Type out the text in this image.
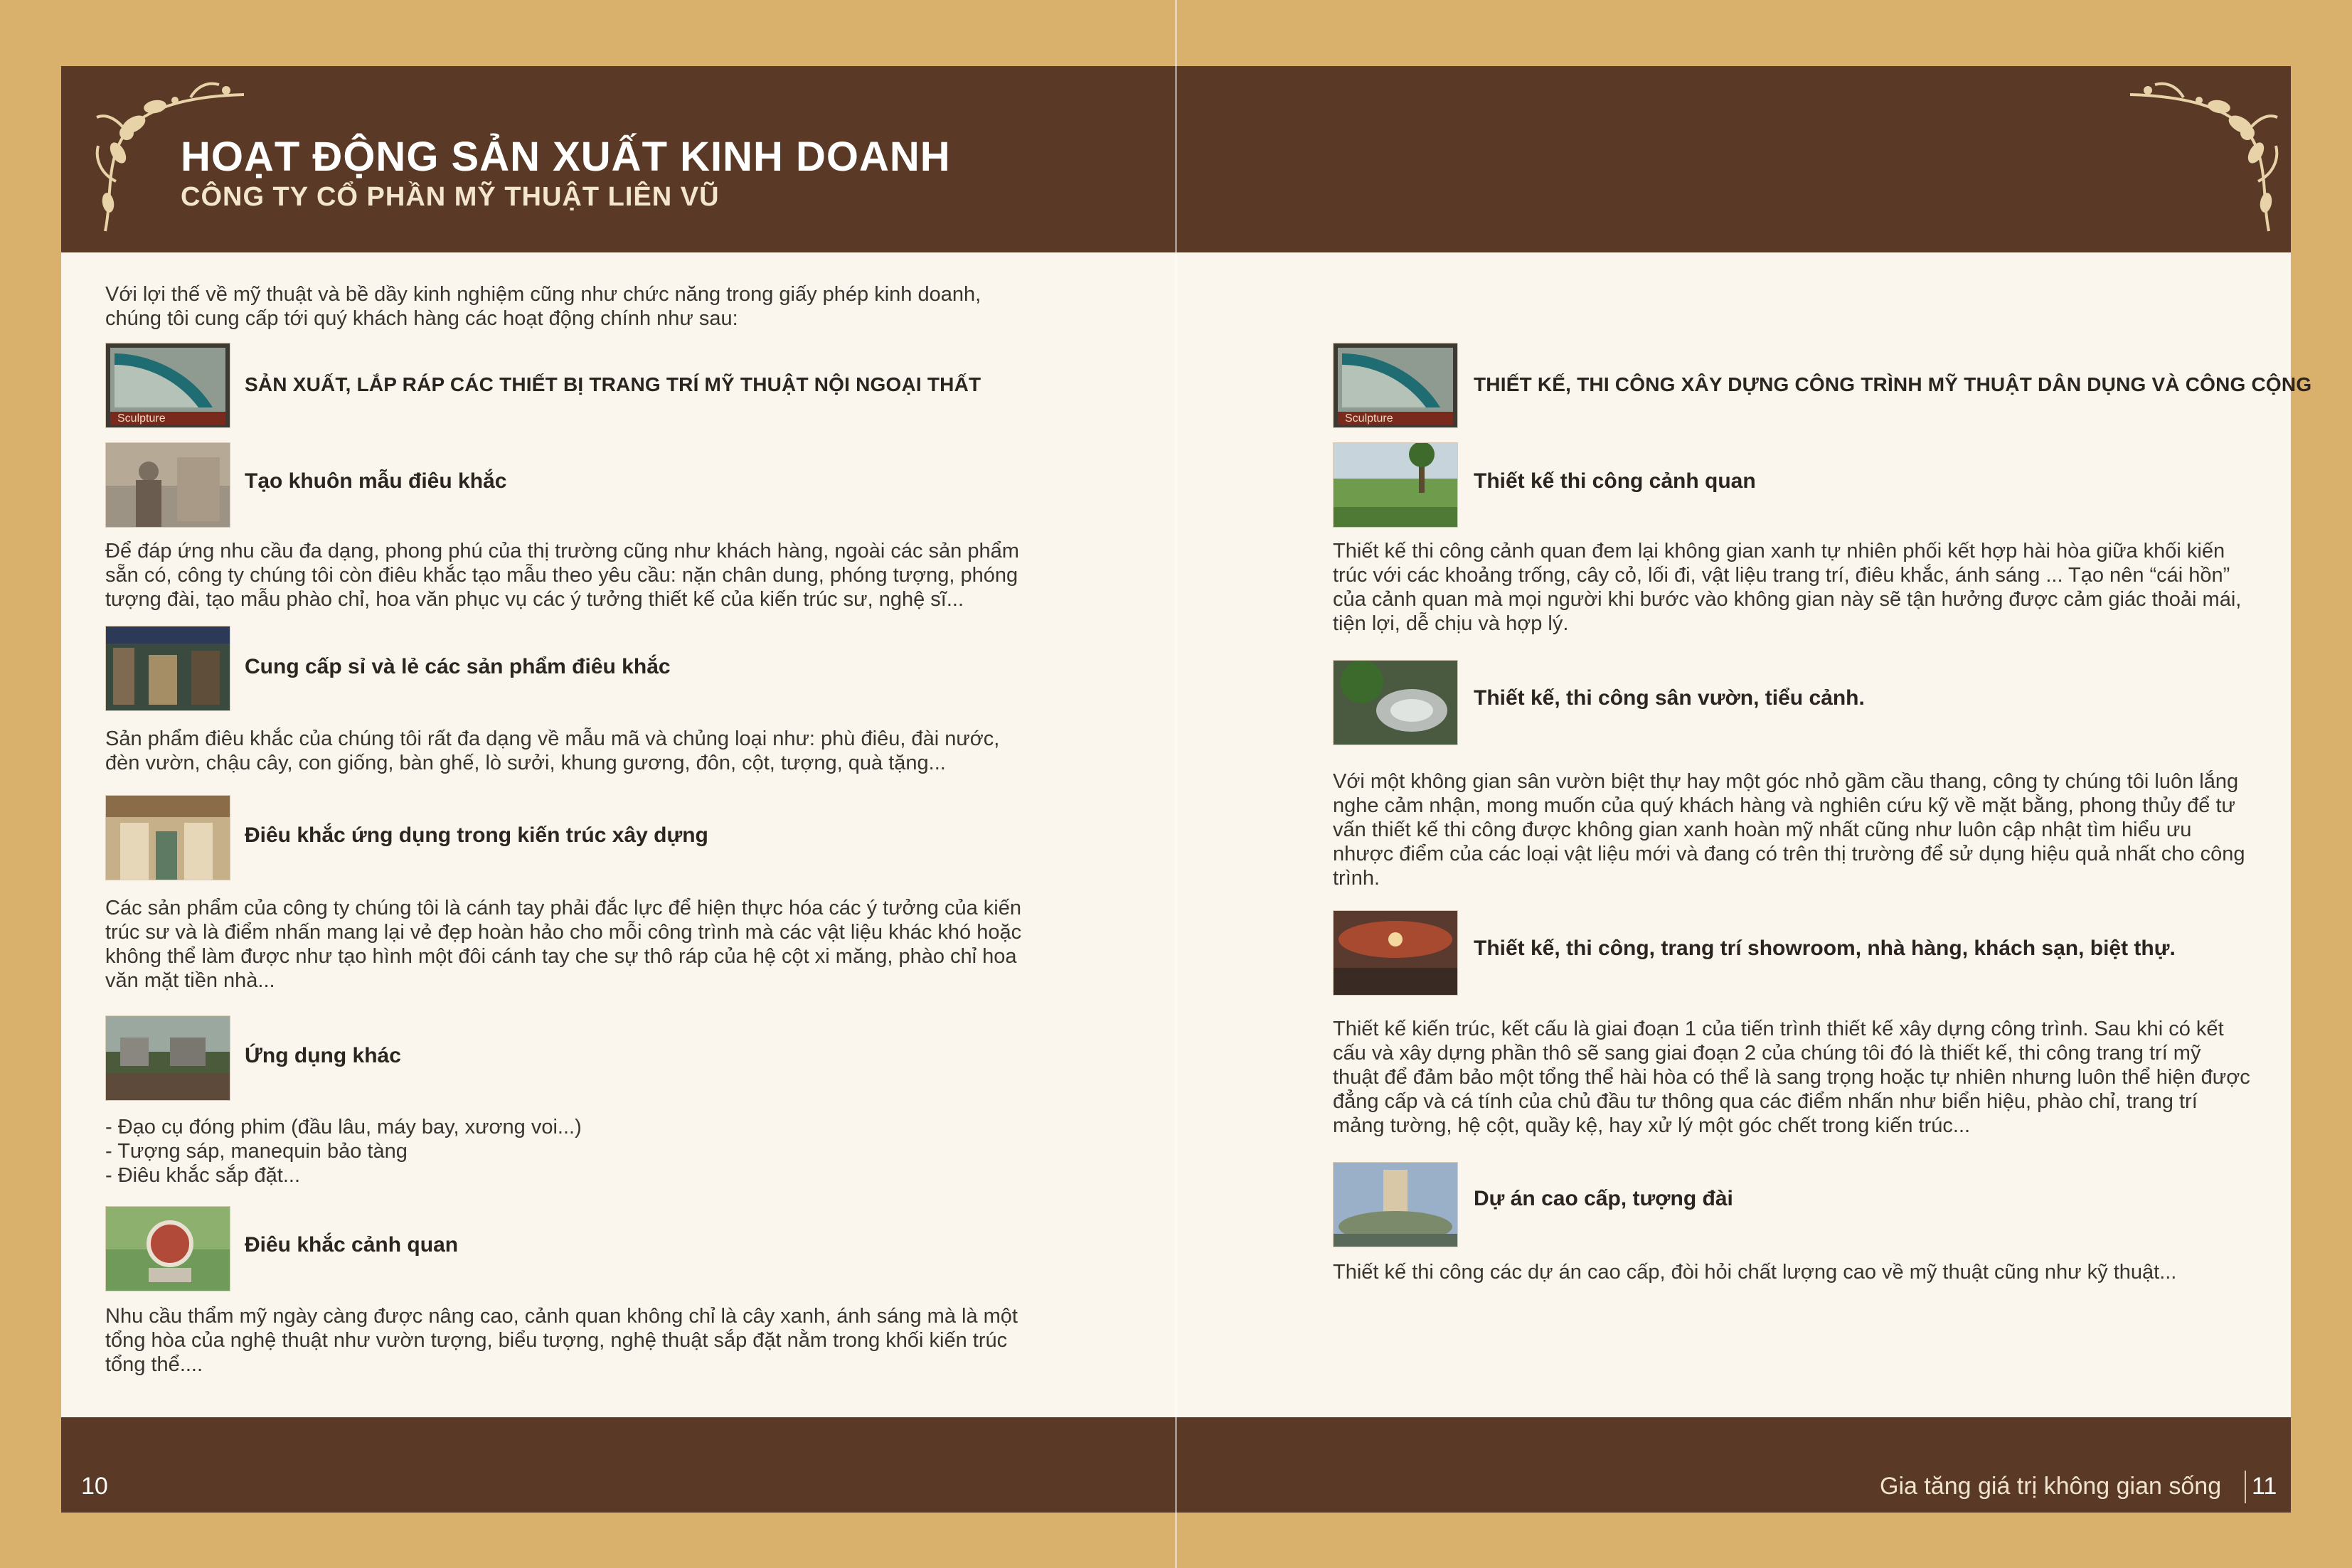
HOẠT ĐỘNG SẢN XUẤT KINH DOANH
CÔNG TY CỔ PHẦN MỸ THUẬT LIÊN VŨ

Với lợi thế về mỹ thuật và bề dầy kinh nghiệm cũng như chức năng trong giấy phép kinh doanh, chúng tôi cung cấp tới quý khách hàng các hoạt động chính như sau:

Sculpture
SẢN XUẤT, LẮP RÁP CÁC THIẾT BỊ TRANG TRÍ MỸ THUẬT NỘI NGOẠI THẤT
Tạo khuôn mẫu điêu khắc

Để đáp ứng nhu cầu đa dạng, phong phú của thị trường cũng như khách hàng, ngoài các sản phẩm sẵn có, công ty chúng tôi còn điêu khắc tạo mẫu theo yêu cầu: nặn chân dung, phóng tượng, phóng tượng đài, tạo mẫu phào chỉ, hoa văn phục vụ các ý tưởng thiết kế của kiến trúc sư, nghệ sĩ...

Cung cấp sỉ và lẻ các sản phẩm điêu khắc

Sản phẩm điêu khắc của chúng tôi rất đa dạng về mẫu mã và chủng loại như: phù điêu, đài nước, đèn vườn, chậu cây, con giống, bàn ghế, lò sưởi, khung gương, đôn, cột, tượng, quà tặng...

Điêu khắc ứng dụng trong kiến trúc xây dựng

Các sản phẩm của công ty chúng tôi là cánh tay phải đắc lực để hiện thực hóa các ý tưởng của kiến trúc sư và là điểm nhấn mang lại vẻ đẹp hoàn hảo cho mỗi công trình mà các vật liệu khác khó hoặc không thể làm được như tạo hình một đôi cánh tay che sự thô ráp của hệ cột xi măng, phào chỉ hoa văn mặt tiền nhà...

Ứng dụng khác
- Đạo cụ đóng phim (đầu lâu, máy bay, xương voi...)
- Tượng sáp, manequin bảo tàng
- Điêu khắc sắp đặt...
Điêu khắc cảnh quan

Nhu cầu thẩm mỹ ngày càng được nâng cao, cảnh quan không chỉ là cây xanh, ánh sáng mà là một tổng hòa của nghệ thuật như vườn tượng, biểu tượng, nghệ thuật sắp đặt nằm trong khối kiến trúc tổng thể....

Sculpture
THIẾT KẾ, THI CÔNG XÂY DỰNG CÔNG TRÌNH MỸ THUẬT DÂN DỤNG VÀ CÔNG CỘNG
Thiết kế thi công cảnh quan

Thiết kế thi công cảnh quan đem lại không gian xanh tự nhiên phối kết hợp hài hòa giữa khối kiến trúc với các khoảng trống, cây cỏ, lối đi, vật liệu trang trí, điêu khắc, ánh sáng ... Tạo nên “cái hồn” của cảnh quan mà mọi người khi bước vào không gian này sẽ tận hưởng được cảm giác thoải mái, tiện lợi, dễ chịu và hợp lý.

Thiết kế, thi công sân vườn, tiểu cảnh.

Với một không gian sân vườn biệt thự hay một góc nhỏ gầm cầu thang, công ty chúng tôi luôn lắng nghe cảm nhận, mong muốn của quý khách hàng và nghiên cứu kỹ về mặt bằng, phong thủy để tư vấn thiết kế thi công được không gian xanh hoàn mỹ nhất cũng như luôn cập nhật tìm hiểu ưu nhược điểm của các loại vật liệu mới và đang có trên thị trường để sử dụng hiệu quả nhất cho công trình.

Thiết kế, thi công, trang trí showroom, nhà hàng, khách sạn, biệt thự.

Thiết kế kiến trúc, kết cấu là giai đoạn 1 của tiến trình thiết kế xây dựng công trình. Sau khi có kết cấu và xây dựng phần thô sẽ sang giai đoạn 2 của chúng tôi đó là thiết kế, thi công trang trí mỹ thuật để đảm bảo một tổng thể hài hòa có thể là sang trọng hoặc tự nhiên nhưng luôn thể hiện được đẳng cấp và cá tính của chủ đầu tư thông qua các điểm nhấn như biển hiệu, phào chỉ, trang trí mảng tường, hệ cột, quầy kệ, hay xử lý một góc chết trong kiến trúc...

Dự án cao cấp, tượng đài

Thiết kế thi công các dự án cao cấp, đòi hỏi chất lượng cao về mỹ thuật cũng như kỹ thuật...

10	Gia tăng giá trị không gian sống 11
